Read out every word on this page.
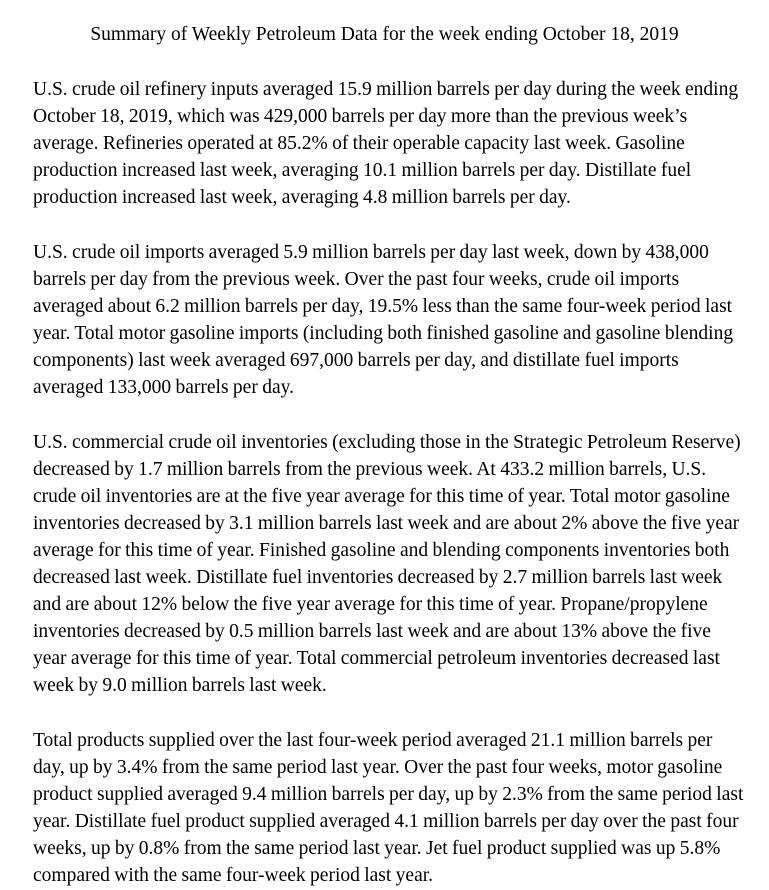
Summary of Weekly Petroleum Data for the week ending October 18, 2019

U.S. crude oil refinery inputs averaged 15.9 million barrels per day during the week ending October 18, 2019, which was 429,000 barrels per day more than the previous week’s average. Refineries operated at 85.2% of their operable capacity last week. Gasoline production increased last week, averaging 10.1 million barrels per day. Distillate fuel production increased last week, averaging 4.8 million barrels per day.

U.S. crude oil imports averaged 5.9 million barrels per day last week, down by 438,000 barrels per day from the previous week. Over the past four weeks, crude oil imports averaged about 6.2 million barrels per day, 19.5% less than the same four-week period last year. Total motor gasoline imports (including both finished gasoline and gasoline blending components) last week averaged 697,000 barrels per day, and distillate fuel imports averaged 133,000 barrels per day.

U.S. commercial crude oil inventories (excluding those in the Strategic Petroleum Reserve) decreased by 1.7 million barrels from the previous week. At 433.2 million barrels, U.S. crude oil inventories are at the five year average for this time of year. Total motor gasoline inventories decreased by 3.1 million barrels last week and are about 2% above the five year average for this time of year. Finished gasoline and blending components inventories both decreased last week. Distillate fuel inventories decreased by 2.7 million barrels last week and are about 12% below the five year average for this time of year. Propane/propylene inventories decreased by 0.5 million barrels last week and are about 13% above the five year average for this time of year. Total commercial petroleum inventories decreased last week by 9.0 million barrels last week.

Total products supplied over the last four-week period averaged 21.1 million barrels per day, up by 3.4% from the same period last year. Over the past four weeks, motor gasoline product supplied averaged 9.4 million barrels per day, up by 2.3% from the same period last year. Distillate fuel product supplied averaged 4.1 million barrels per day over the past four weeks, up by 0.8% from the same period last year. Jet fuel product supplied was up 5.8% compared with the same four-week period last year.
